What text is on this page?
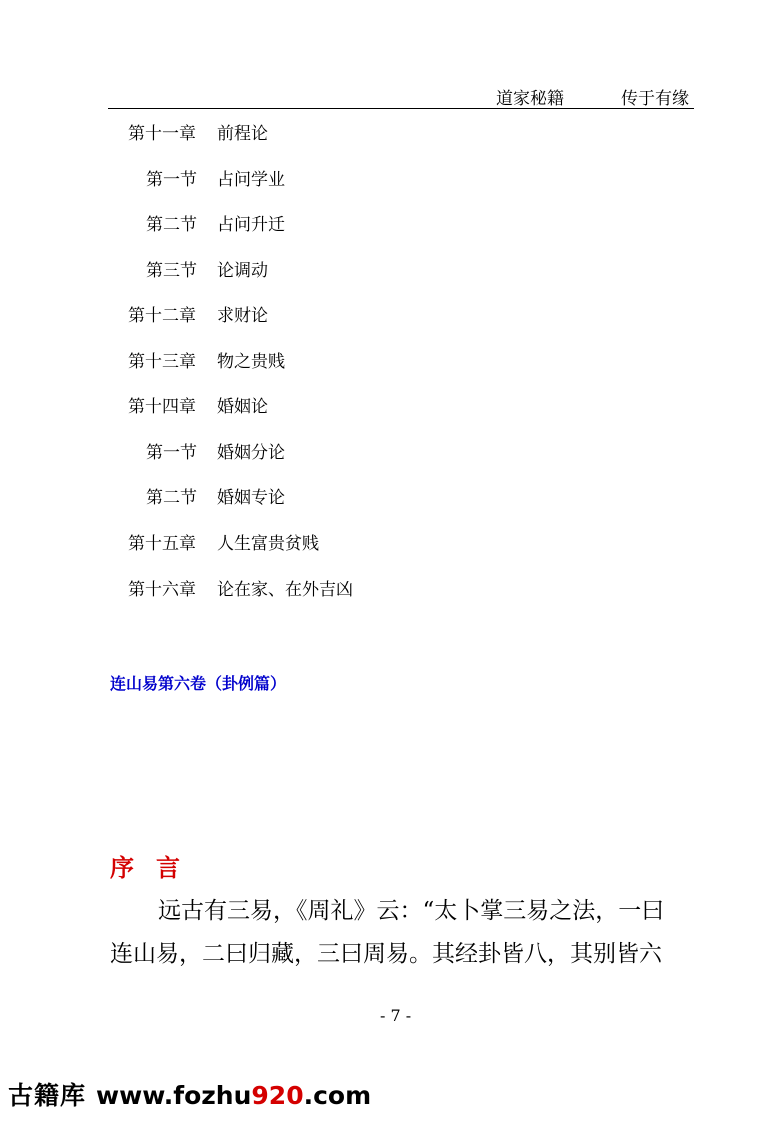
道家秘籍	传于有缘
第十一章 前程论
第一节 占问学业
第二节 占问升迁
第三节 论调动
第十二章 求财论
第十三章 物之贵贱
第十四章 婚姻论
第一节 婚姻分论
第二节 婚姻专论
第十五章 人生富贵贫贱
第十六章 论在家、在外吉凶
连山易第六卷（卦例篇）
序言
远古有三易，《周礼》云：“太卜掌三易之法，一曰
连山易，二曰归藏，三曰周易。其经卦皆八，其别皆六
- 7 -
古籍库 www.fozhu920.com
